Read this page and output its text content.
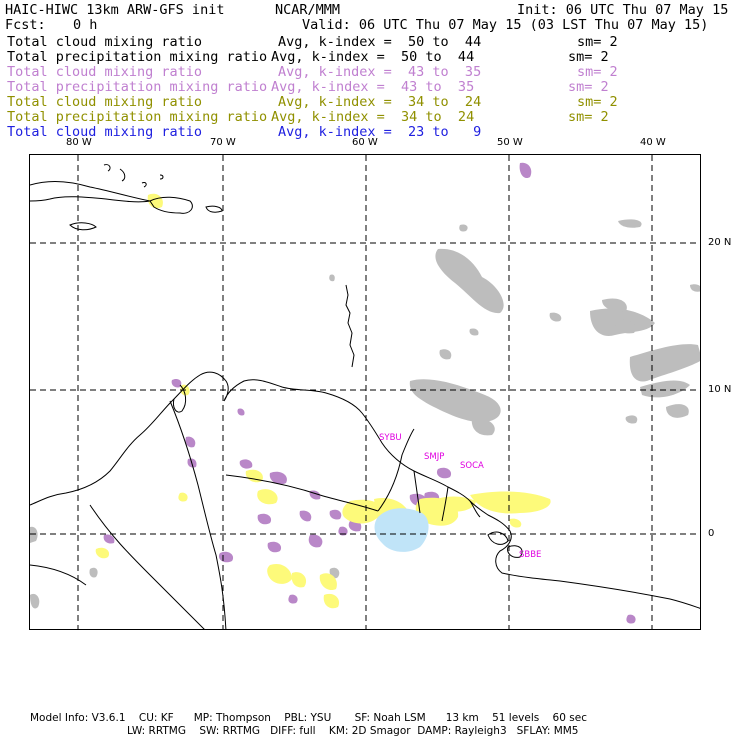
HAIC-HIWC 13km ARW-GFS init	NCAR/MMM	Init: 06 UTC Thu 07 May 15
Fcst: 0 h	Valid: 06 UTC Thu 07 May 15 (03 LST Thu 07 May 15)
Total cloud mixing ratio	Avg, k-index =  50 to  44	sm= 2
Total precipitation mixing ratio Avg, k-index =  50 to  44	sm= 2
Total cloud mixing ratio	Avg, k-index =  43 to  35	sm= 2
Total precipitation mixing ratio Avg, k-index =  43 to  35	sm= 2
Total cloud mixing ratio	Avg, k-index =  34 to  24	sm= 2
Total precipitation mixing ratio Avg, k-index =  34 to  24	sm= 2
Total cloud mixing ratio	Avg, k-index =  23 to   9
80 W	70 W	60 W	50 W	40 W
20 N
10 N
0
SYBU
SMJP
SOCA
SBBE
Model Info: V3.6.1    CU: KF      MP: Thompson    PBL: YSU       SF: Noah LSM      13 km    51 levels    60 sec
LW: RRTMG    SW: RRTMG   DIFF: full    KM: 2D Smagor  DAMP: Rayleigh3   SFLAY: MM5
